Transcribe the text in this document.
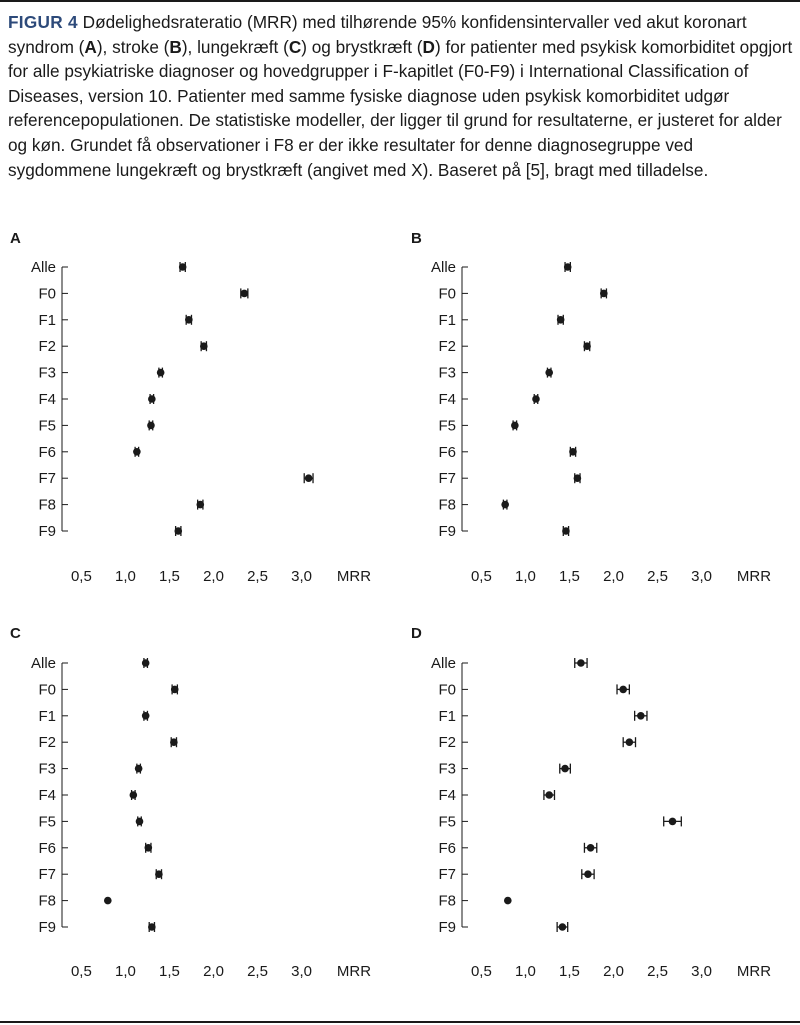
FIGUR 4 Dødelighedsrateratio (MRR) med tilhørende 95% konfidensintervaller ved akut koronart syndrom (A), stroke (B), lungekræft (C) og brystkræft (D) for patienter med psykisk komorbiditet opgjort for alle psykiatriske diagnoser og hovedgrupper i F-kapitlet (F0-F9) i International Classification of Diseases, version 10. Patienter med samme fysiske diagnose uden psykisk komorbiditet udgør referencepopulationen. De statistiske modeller, der ligger til grund for resultaterne, er justeret for alder og køn. Grundet få observationer i F8 er der ikke resultater for denne diagnosegruppe ved sygdommene lungekræft og brystkræft (angivet med X). Baseret på [5], bragt med tilladelse.

A
Alle
F0
F1
F2
F3
F4
F5
F6
F7
F8
F9
0,5 1,0 1,5 2,0 2,5 3,0 MRR
B
Alle
F0
F1
F2
F3
F4
F5
F6
F7
F8
F9
0,5 1,0 1,5 2,0 2,5 3,0 MRR
C
Alle
F0
F1
F2
F3
F4
F5
F6
F7
F8
F9
0,5 1,0 1,5 2,0 2,5 3,0 MRR
D
Alle
F0
F1
F2
F3
F4
F5
F6
F7
F8
F9
0,5 1,0 1,5 2,0 2,5 3,0 MRR
